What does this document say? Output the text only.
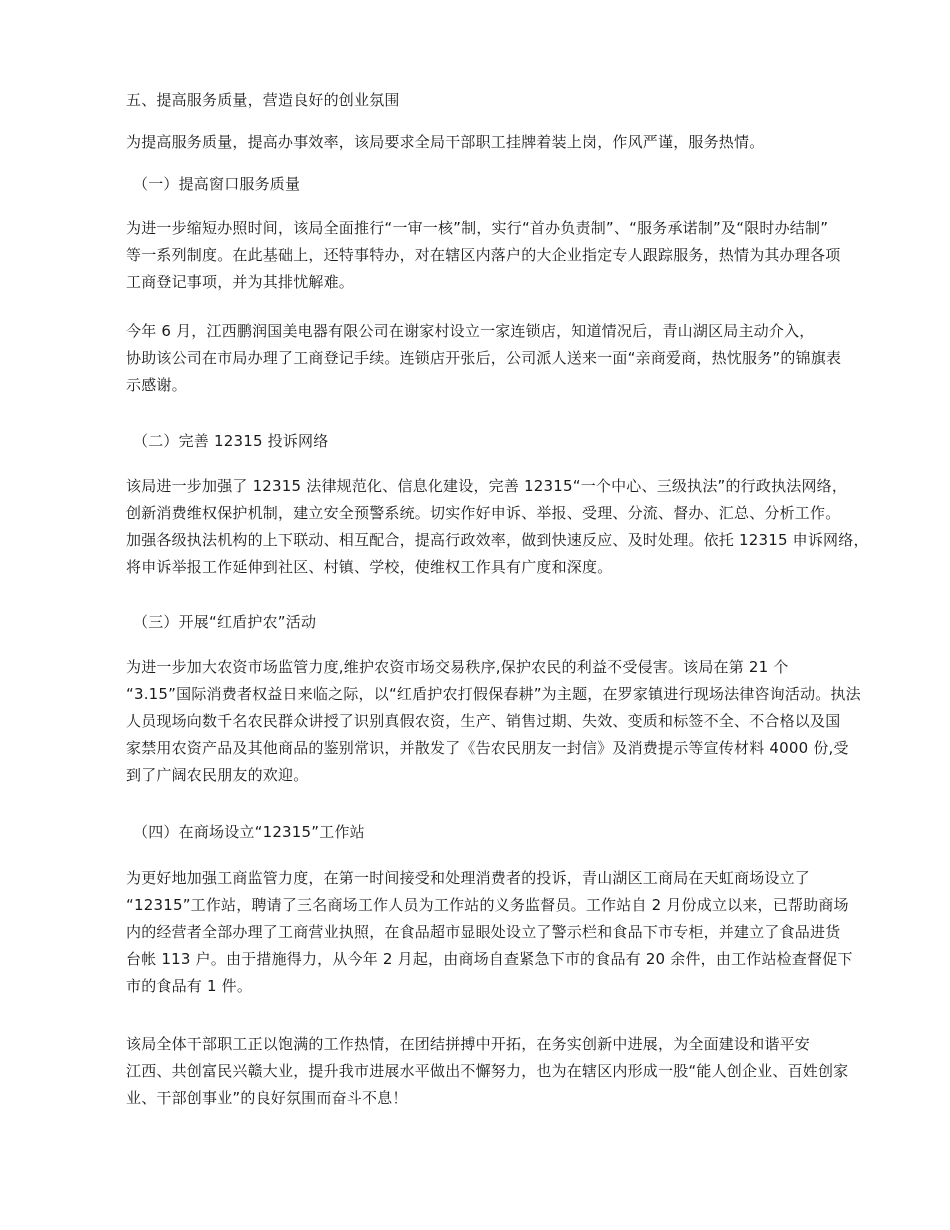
五、提高服务质量，营造良好的创业氛围

为提高服务质量，提高办事效率，该局要求全局干部职工挂牌着装上岗，作风严谨，服务热情。

（一）提高窗口服务质量

为进一步缩短办照时间，该局全面推行“一审一核”制，实行“首办负责制”、“服务承诺制”及“限时办结制”
等一系列制度。在此基础上，还特事特办，对在辖区内落户的大企业指定专人跟踪服务，热情为其办理各项
工商登记事项，并为其排忧解难。

今年 6 月，江西鹏润国美电器有限公司在谢家村设立一家连锁店，知道情况后，青山湖区局主动介入，
协助该公司在市局办理了工商登记手续。连锁店开张后，公司派人送来一面“亲商爱商，热忱服务”的锦旗表
示感谢。

（二）完善 12315 投诉网络

该局进一步加强了 12315 法律规范化、信息化建设，完善 12315“一个中心、三级执法”的行政执法网络，
创新消费维权保护机制，建立安全预警系统。切实作好申诉、举报、受理、分流、督办、汇总、分析工作。
加强各级执法机构的上下联动、相互配合，提高行政效率，做到快速反应、及时处理。依托 12315 申诉网络，
将申诉举报工作延伸到社区、村镇、学校，使维权工作具有广度和深度。

（三）开展“红盾护农”活动

为进一步加大农资市场监管力度,维护农资市场交易秩序,保护农民的利益不受侵害。该局在第 21 个
“3.15”国际消费者权益日来临之际，以“红盾护农打假保春耕”为主题，在罗家镇进行现场法律咨询活动。执法
人员现场向数千名农民群众讲授了识别真假农资，生产、销售过期、失效、变质和标签不全、不合格以及国
家禁用农资产品及其他商品的鉴别常识，并散发了《告农民朋友一封信》及消费提示等宣传材料 4000 份,受
到了广阔农民朋友的欢迎。

（四）在商场设立“12315”工作站

为更好地加强工商监管力度，在第一时间接受和处理消费者的投诉，青山湖区工商局在天虹商场设立了
“12315”工作站，聘请了三名商场工作人员为工作站的义务监督员。工作站自 2 月份成立以来，已帮助商场
内的经营者全部办理了工商营业执照，在食品超市显眼处设立了警示栏和食品下市专柜，并建立了食品进货
台帐 113 户。由于措施得力，从今年 2 月起，由商场自查紧急下市的食品有 20 余件，由工作站检查督促下
市的食品有 1 件。

该局全体干部职工正以饱满的工作热情，在团结拼搏中开拓，在务实创新中进展，为全面建设和谐平安
江西、共创富民兴赣大业，提升我市进展水平做出不懈努力，也为在辖区内形成一股“能人创企业、百姓创家
业、干部创事业”的良好氛围而奋斗不息！
